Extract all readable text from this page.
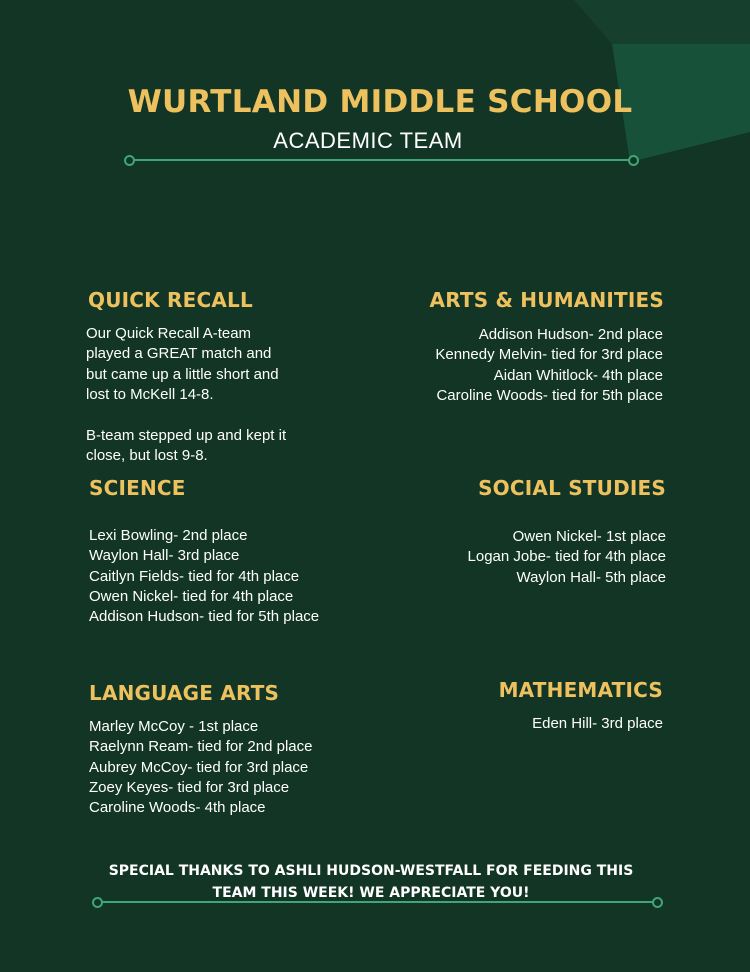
WURTLAND MIDDLE SCHOOL
ACADEMIC TEAM
QUICK RECALL
Our Quick Recall A-team
played a GREAT match and
but came up a little short and
lost to McKell 14-8.
B-team stepped up and kept it
close, but lost 9-8.
ARTS & HUMANITIES
Addison Hudson- 2nd place
Kennedy Melvin- tied for 3rd place
Aidan Whitlock- 4th place
Caroline Woods- tied for 5th place
SCIENCE
Lexi Bowling- 2nd place
Waylon Hall- 3rd place
Caitlyn Fields- tied for 4th place
Owen Nickel- tied for 4th place
Addison Hudson- tied for 5th place
SOCIAL STUDIES
Owen Nickel- 1st place
Logan Jobe- tied for 4th place
Waylon Hall- 5th place
LANGUAGE ARTS
Marley McCoy - 1st place
Raelynn Ream- tied for 2nd place
Aubrey McCoy- tied for 3rd place
Zoey Keyes- tied for 3rd place
Caroline Woods- 4th place
MATHEMATICS
Eden Hill- 3rd place
SPECIAL THANKS TO ASHLI HUDSON-WESTFALL FOR FEEDING THIS
TEAM THIS WEEK! WE APPRECIATE YOU!
